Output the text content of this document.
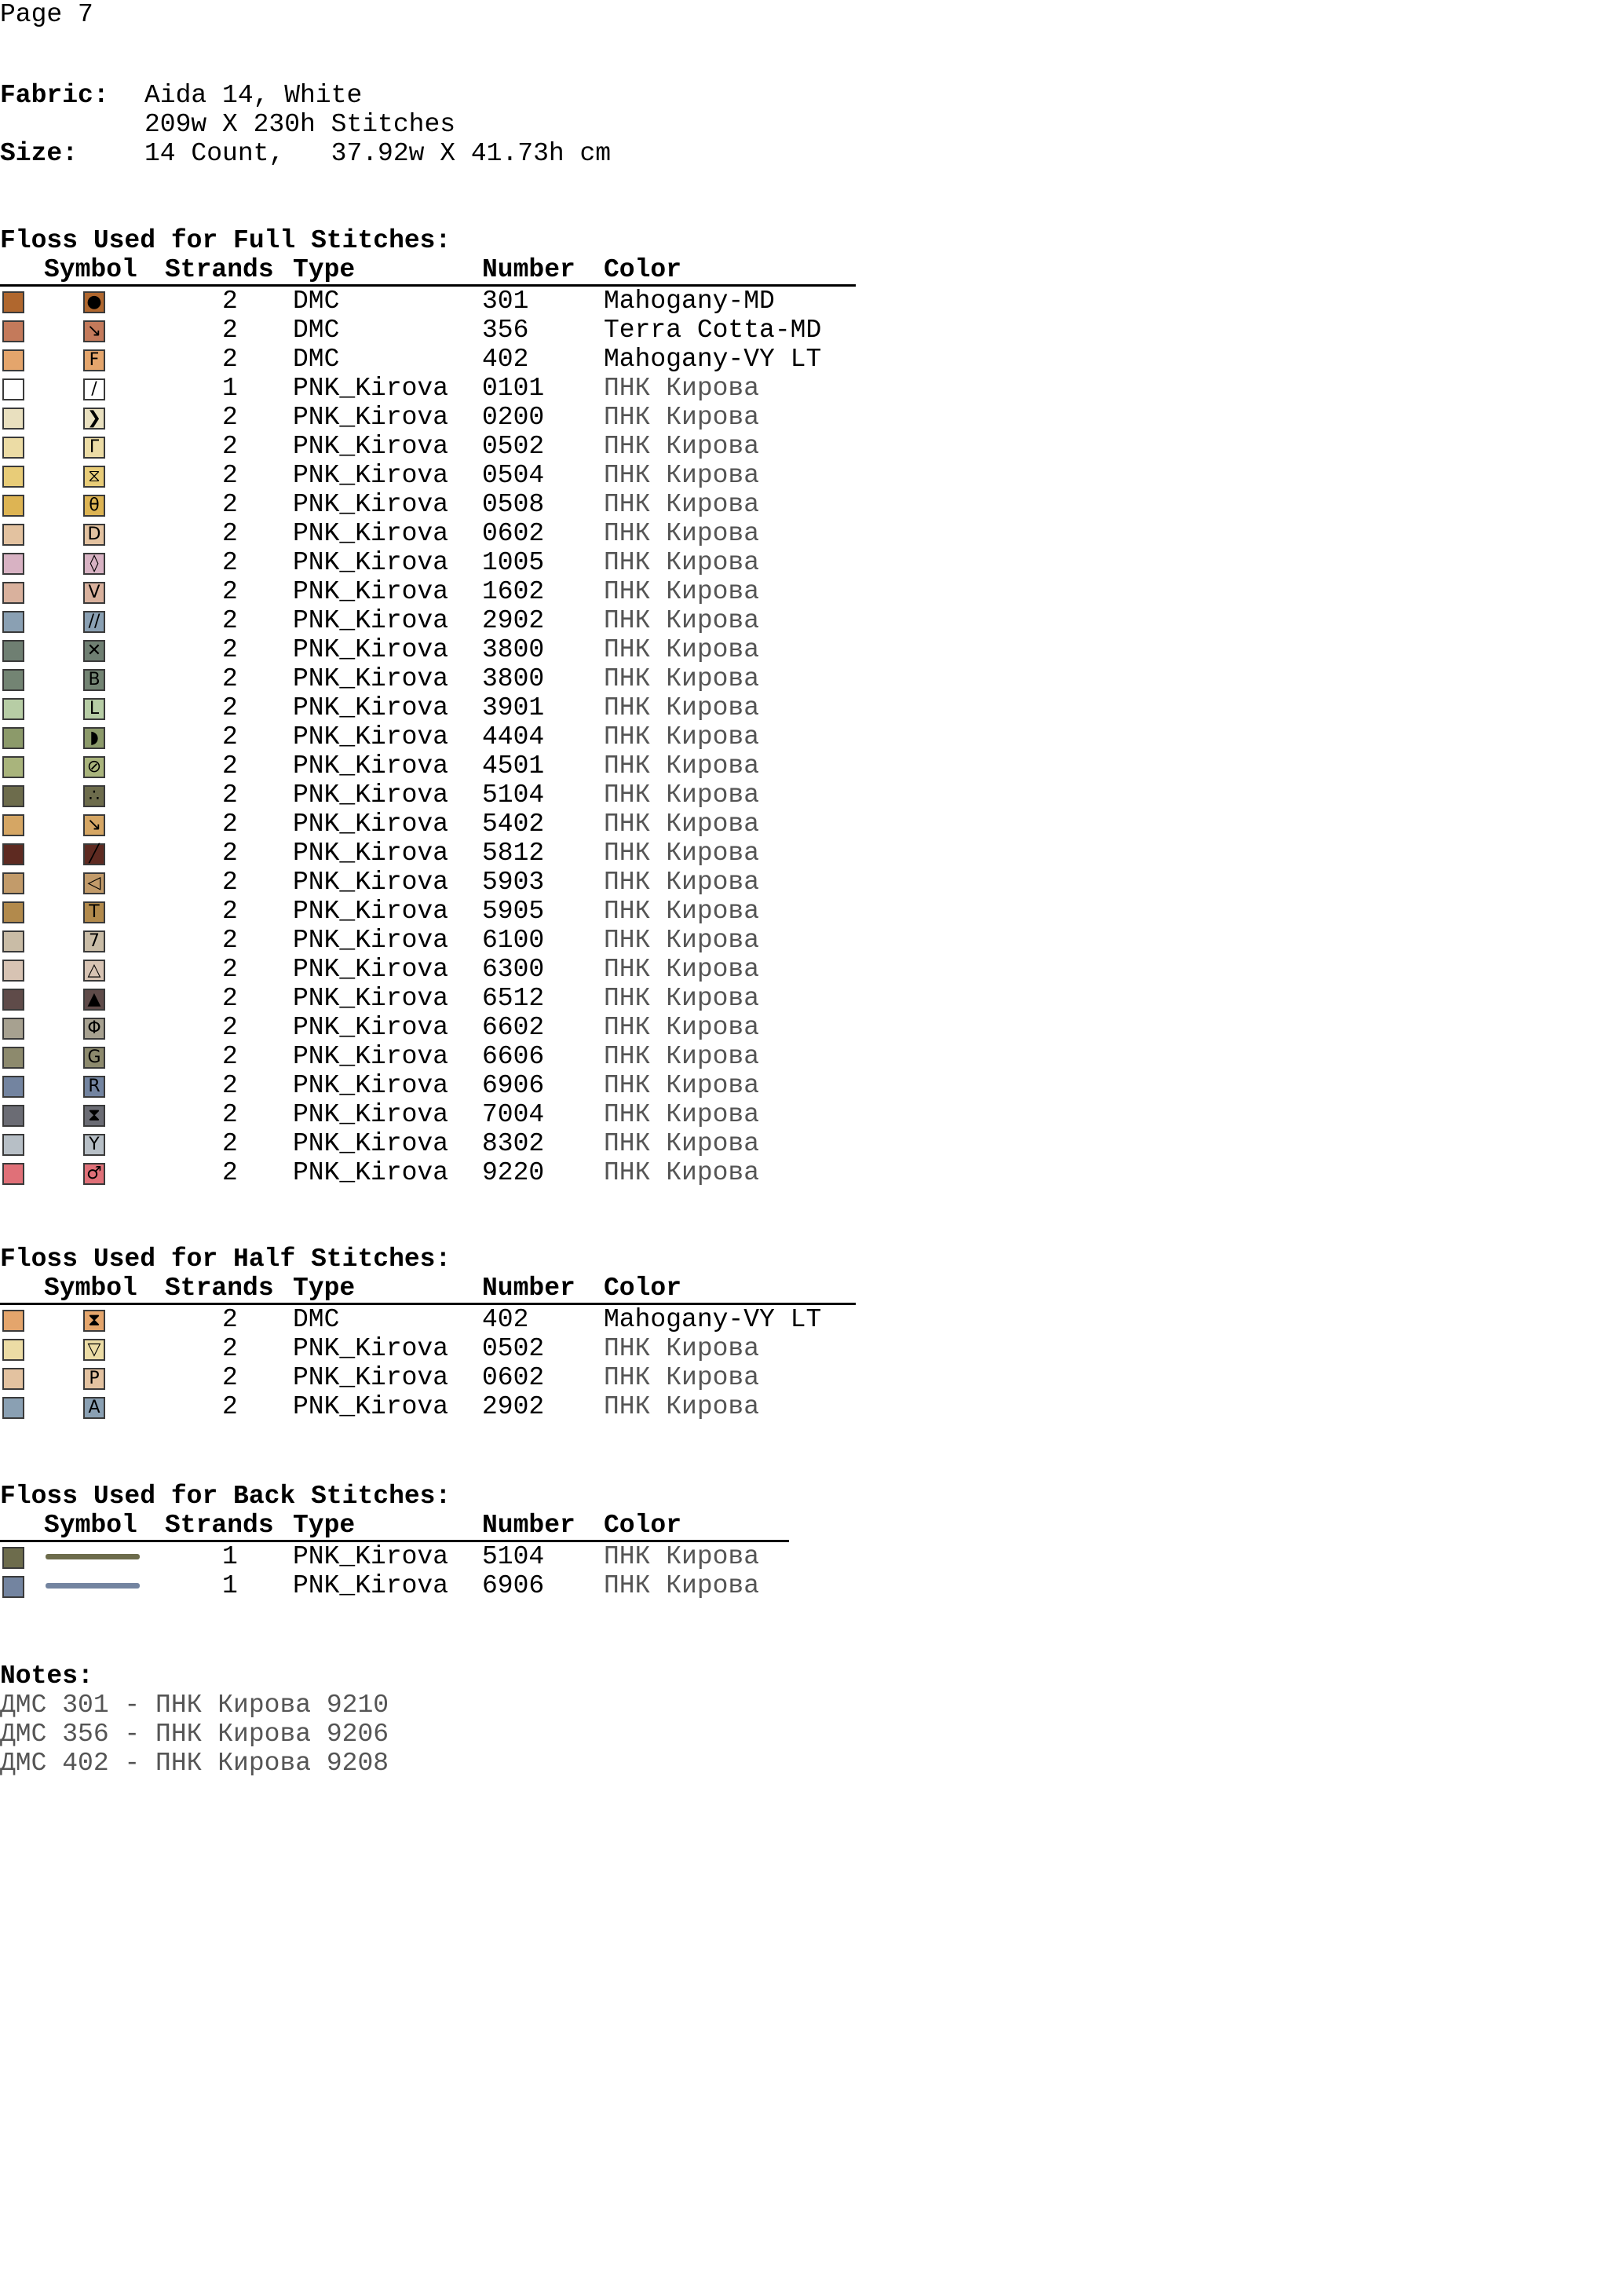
Page 7
Fabric: Aida 14, White
209w X 230h Stitches
Size:	14 Count,   37.92w X 41.73h cm
Floss Used for Full Stitches:
Symbol Strands Type	Number Color
●	2 DMC	301	Mahogany-MD
↘	2 DMC	356	Terra Cotta-MD
F	2 DMC	402	Mahogany-VY LT
/	1 PNK_Kirova 0101 ПНК Кирова
❯	2 PNK_Kirova 0200 ПНК Кирова
Γ	2 PNK_Kirova 0502 ПНК Кирова
⧖	2 PNK_Kirova 0504 ПНК Кирова
θ	2 PNK_Kirova 0508 ПНК Кирова
D	2 PNK_Kirova 0602 ПНК Кирова
◊	2 PNK_Kirova 1005 ПНК Кирова
V	2 PNK_Kirova 1602 ПНК Кирова
//	2 PNK_Kirova 2902 ПНК Кирова
✕	2 PNK_Kirova 3800 ПНК Кирова
B	2 PNK_Kirova 3800 ПНК Кирова
L	2 PNK_Kirova 3901 ПНК Кирова
◗	2 PNK_Kirova 4404 ПНК Кирова
⊘	2 PNK_Kirova 4501 ПНК Кирова
∴	2 PNK_Kirova 5104 ПНК Кирова
↘	2 PNK_Kirova 5402 ПНК Кирова
╱	2 PNK_Kirova 5812 ПНК Кирова
◁	2 PNK_Kirova 5903 ПНК Кирова
T	2 PNK_Kirova 5905 ПНК Кирова
7	2 PNK_Kirova 6100 ПНК Кирова
△	2 PNK_Kirova 6300 ПНК Кирова
▲	2 PNK_Kirova 6512 ПНК Кирова
Φ	2 PNK_Kirova 6602 ПНК Кирова
G	2 PNK_Kirova 6606 ПНК Кирова
R	2 PNK_Kirova 6906 ПНК Кирова
⧗	2 PNK_Kirova 7004 ПНК Кирова
Y	2 PNK_Kirova 8302 ПНК Кирова
♂	2 PNK_Kirova 9220 ПНК Кирова
Floss Used for Half Stitches:
Symbol Strands Type	Number Color
⧗	2 DMC	402	Mahogany-VY LT
▽	2 PNK_Kirova 0502 ПНК Кирова
P	2 PNK_Kirova 0602 ПНК Кирова
A	2 PNK_Kirova 2902 ПНК Кирова
Floss Used for Back Stitches:
Symbol Strands Type	Number Color
1 PNK_Kirova 5104 ПНК Кирова
1 PNK_Kirova 6906 ПНК Кирова
Notes:
ДМС 301 - ПНК Кирова 9210
ДМС 356 - ПНК Кирова 9206
ДМС 402 - ПНК Кирова 9208
